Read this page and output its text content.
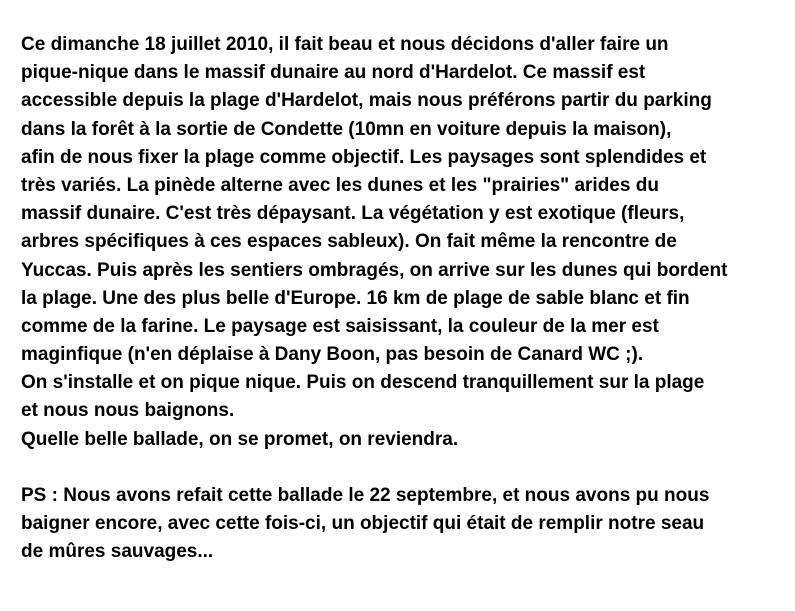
Ce dimanche 18 juillet 2010, il fait beau et nous décidons d'aller faire un
pique-nique dans le massif dunaire au nord d'Hardelot. Ce massif est
accessible depuis la plage d'Hardelot, mais nous préférons partir du parking
dans la forêt à la sortie de Condette (10mn en voiture depuis la maison),
afin de nous fixer la plage comme objectif. Les paysages sont splendides et
très variés. La pinède alterne avec les dunes et les "prairies" arides du
massif dunaire. C'est très dépaysant. La végétation y est exotique (fleurs,
arbres spécifiques à ces espaces sableux). On fait même la rencontre de
Yuccas. Puis après les sentiers ombragés, on arrive sur les dunes qui bordent
la plage. Une des plus belle d'Europe. 16 km de plage de sable blanc et fin
comme de la farine. Le paysage est saisissant, la couleur de la mer est
maginfique (n'en déplaise à Dany Boon, pas besoin de Canard WC ;).
On s'installe et on pique nique. Puis on descend tranquillement sur la plage
et nous nous baignons.
Quelle belle ballade, on se promet, on reviendra.
PS : Nous avons refait cette ballade le 22 septembre, et nous avons pu nous
baigner encore, avec cette fois-ci, un objectif qui était de remplir notre seau
de mûres sauvages...
